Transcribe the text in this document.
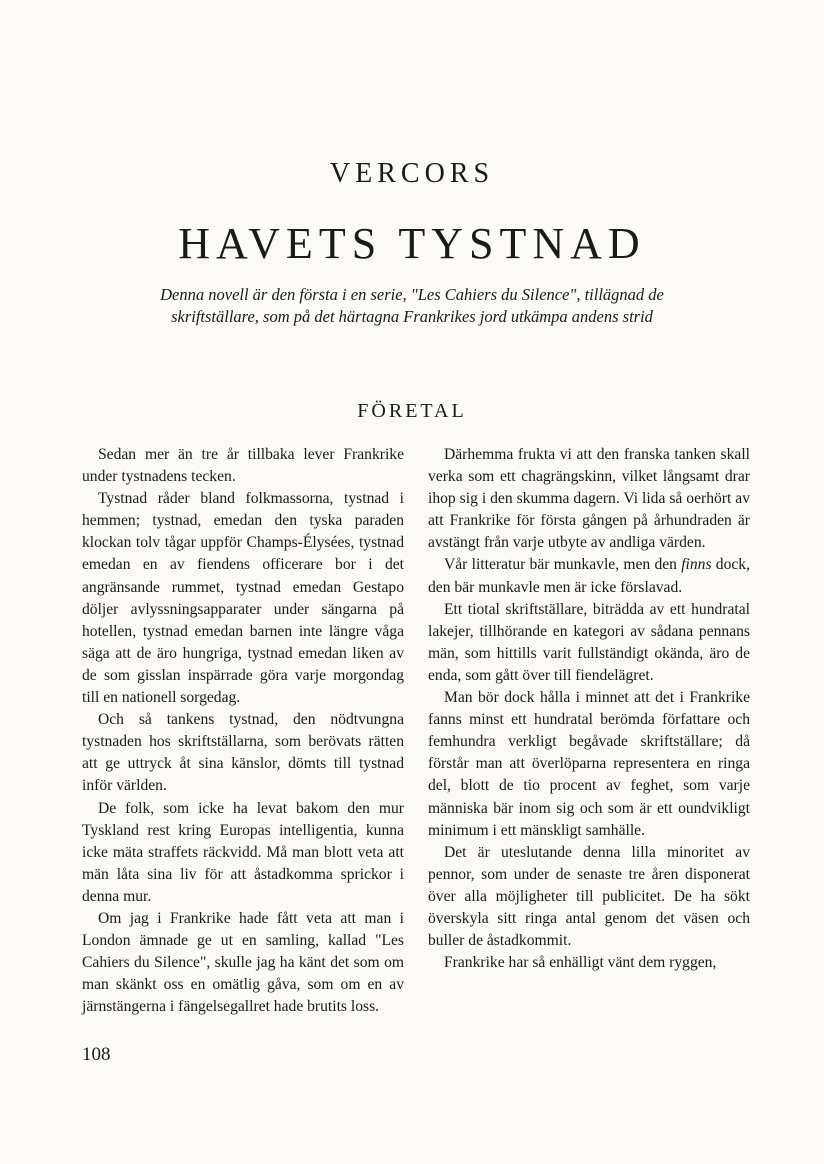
VERCORS
HAVETS TYSTNAD

Denna novell är den första i en serie, "Les Cahiers du Silence", tillägnad de skriftställare, som på det härtagna Frankrikes jord utkämpa andens strid

FÖRETAL

Sedan mer än tre år tillbaka lever Frankrike under tystnadens tecken.

Tystnad råder bland folkmassorna, tystnad i hemmen; tystnad, emedan den tyska paraden klockan tolv tågar uppför Champs-Élysées, tystnad emedan en av fiendens officerare bor i det angränsande rummet, tystnad emedan Gestapo döljer avlyssningsapparater under sängarna på hotellen, tystnad emedan barnen inte längre våga säga att de äro hungriga, tystnad emedan liken av de som gisslan inspärrade göra varje morgondag till en nationell sorgedag.

Och så tankens tystnad, den nödtvungna tystnaden hos skriftställarna, som berövats rätten att ge uttryck åt sina känslor, dömts till tystnad inför världen.

De folk, som icke ha levat bakom den mur Tyskland rest kring Europas intelligentia, kunna icke mäta straffets räckvidd. Må man blott veta att män låta sina liv för att åstadkomma sprickor i denna mur.

Om jag i Frankrike hade fått veta att man i London ämnade ge ut en samling, kallad "Les Cahiers du Silence", skulle jag ha känt det som om man skänkt oss en omätlig gåva, som om en av järnstängerna i fängelsegallret hade brutits loss.

Därhemma frukta vi att den franska tanken skall verka som ett chagrängskinn, vilket långsamt drar ihop sig i den skumma dagern. Vi lida så oerhört av att Frankrike för första gången på århundraden är avstängt från varje utbyte av andliga värden.

Vår litteratur bär munkavle, men den finns dock, den bär munkavle men är icke förslavad.

Ett tiotal skriftställare, biträdda av ett hundratal lakejer, tillhörande en kategori av sådana pennans män, som hittills varit fullständigt okända, äro de enda, som gått över till fiendelägret.

Man bör dock hålla i minnet att det i Frankrike fanns minst ett hundratal berömda författare och femhundra verkligt begåvade skriftställare; då förstår man att överlöparna representera en ringa del, blott de tio procent av feghet, som varje människa bär inom sig och som är ett oundvikligt minimum i ett mänskligt samhälle.

Det är uteslutande denna lilla minoritet av pennor, som under de senaste tre åren disponerat över alla möjligheter till publicitet. De ha sökt överskyla sitt ringa antal genom det väsen och buller de åstadkommit.

Frankrike har så enhälligt vänt dem ryggen,

108
